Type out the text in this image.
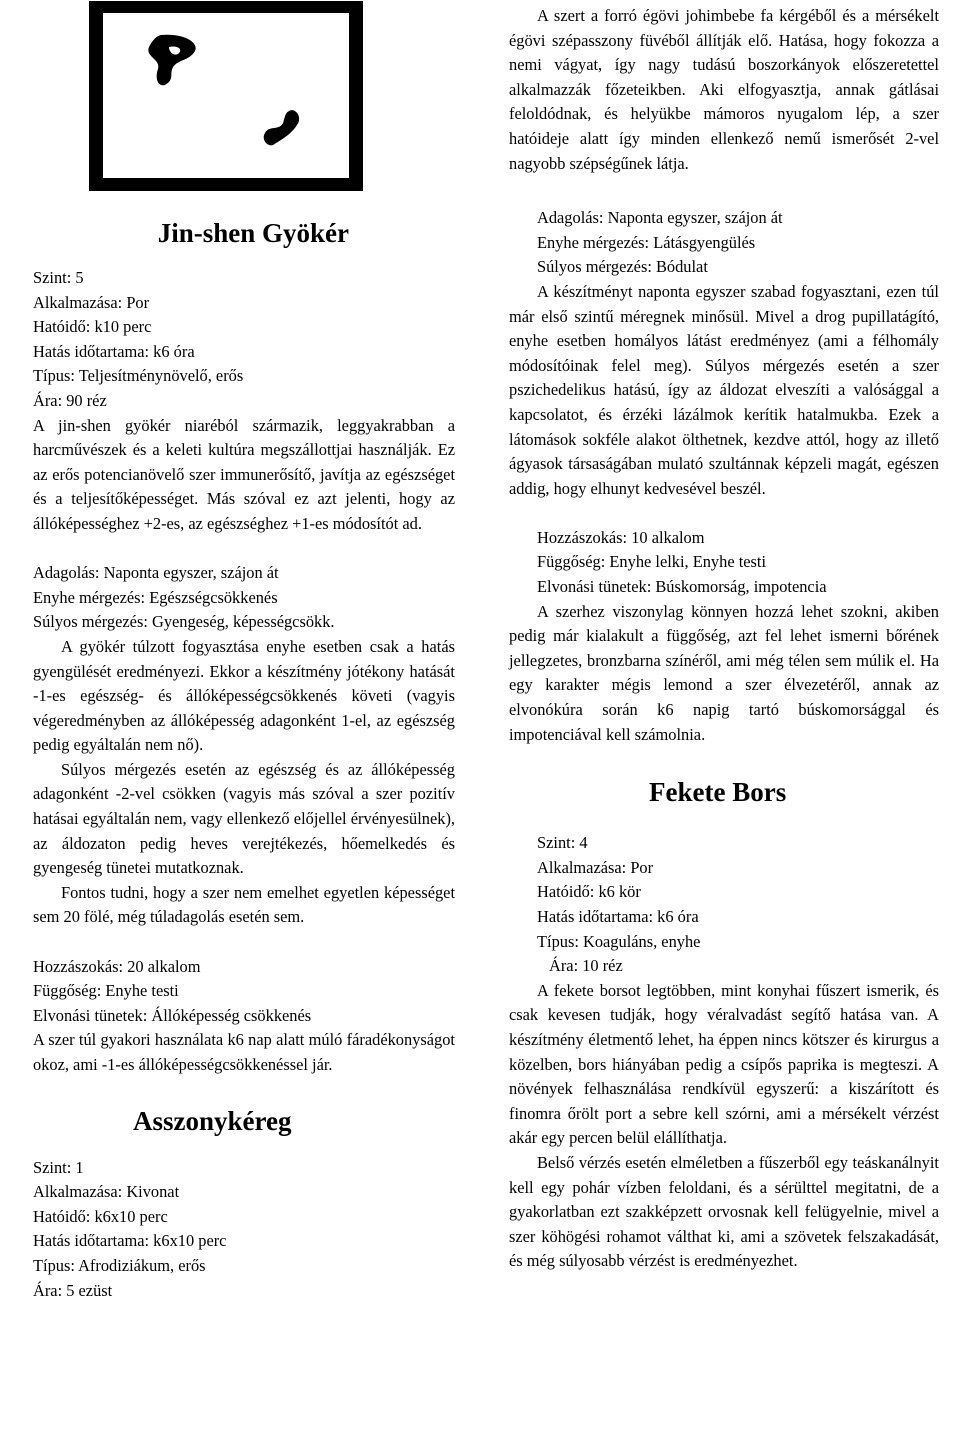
Jin-shen Gyökér

Szint: 5

Alkalmazása: Por

Hatóidő: k10 perc

Hatás időtartama: k6 óra

Típus: Teljesítménynövelő, erős

Ára: 90 réz

A jin-shen gyökér niaréból származik, leggyakrabban a harcművészek és a keleti kultúra megszállottjai használják. Ez az erős potencianövelő szer immunerősítő, javítja az egészséget és a teljesítőképességet. Más szóval ez azt jelenti, hogy az állóképességhez +2-es, az egészséghez +1-es módosítót ad.

Adagolás: Naponta egyszer, szájon át

Enyhe mérgezés: Egészségcsökkenés

Súlyos mérgezés: Gyengeség, képességcsökk.

A gyökér túlzott fogyasztása enyhe esetben csak a hatás gyengülését eredményezi. Ekkor a készítmény jótékony hatását -1-es egészség- és állóképességcsökkenés követi (vagyis végeredményben az állóképesség adagonként 1-el, az egészség pedig egyáltalán nem nő).

Súlyos mérgezés esetén az egészség és az állóképesség adagonként -2-vel csökken (vagyis más szóval a szer pozitív hatásai egyáltalán nem, vagy ellenkező előjellel érvényesülnek), az áldozaton pedig heves verejtékezés, hőemelkedés és gyengeség tünetei mutatkoznak.

Fontos tudni, hogy a szer nem emelhet egyetlen képességet sem 20 fölé, még túladagolás esetén sem.

Hozzászokás: 20 alkalom

Függőség: Enyhe testi

Elvonási tünetek: Állóképesség csökkenés

A szer túl gyakori használata k6 nap alatt múló fáradékonyságot okoz, ami -1-es állóképességcsökkenéssel jár.

Asszonykéreg

Szint: 1

Alkalmazása: Kivonat

Hatóidő: k6x10 perc

Hatás időtartama: k6x10 perc

Típus: Afrodiziákum, erős

Ára: 5 ezüst

A szert a forró égövi johimbebe fa kérgéből és a mérsékelt égövi szépasszony füvéből állítják elő. Hatása, hogy fokozza a nemi vágyat, így nagy tudású boszorkányok előszeretettel alkalmazzák főzeteikben. Aki elfogyasztja, annak gátlásai feloldódnak, és helyükbe mámoros nyugalom lép, a szer hatóideje alatt így minden ellenkező nemű ismerősét 2-vel nagyobb szépségűnek látja.

Adagolás: Naponta egyszer, szájon át

Enyhe mérgezés: Látásgyengülés

Súlyos mérgezés: Bódulat

A készítményt naponta egyszer szabad fogyasztani, ezen túl már első szintű méregnek minősül. Mivel a drog pupillatágító, enyhe esetben homályos látást eredményez (ami a félhomály módosítóinak felel meg). Súlyos mérgezés esetén a szer pszichedelikus hatású, így az áldozat elveszíti a valósággal a kapcsolatot, és érzéki lázálmok kerítik hatalmukba. Ezek a látomások sokféle alakot ölthetnek, kezdve attól, hogy az illető ágyasok társaságában mulató szultánnak képzeli magát, egészen addig, hogy elhunyt kedvesével beszél.

Hozzászokás: 10 alkalom

Függőség: Enyhe lelki, Enyhe testi

Elvonási tünetek: Búskomorság, impotencia

A szerhez viszonylag könnyen hozzá lehet szokni, akiben pedig már kialakult a függőség, azt fel lehet ismerni bőrének jellegzetes, bronzbarna színéről, ami még télen sem múlik el. Ha egy karakter mégis lemond a szer élvezetéről, annak az elvonókúra során k6 napig tartó búskomorsággal és impotenciával kell számolnia.

Fekete Bors

Szint: 4

Alkalmazása: Por

Hatóidő: k6 kör

Hatás időtartama: k6 óra

Típus: Koaguláns, enyhe

Ára: 10 réz

A fekete borsot legtöbben, mint konyhai fűszert ismerik, és csak kevesen tudják, hogy véralvadást segítő hatása van. A készítmény életmentő lehet, ha éppen nincs kötszer és kirurgus a közelben, bors hiányában pedig a csípős paprika is megteszi. A növények felhasználása rendkívül egyszerű: a kiszárított és finomra őrölt port a sebre kell szórni, ami a mérsékelt vérzést akár egy percen belül elállíthatja.

Belső vérzés esetén elméletben a fűszerből egy teáskanálnyit kell egy pohár vízben feloldani, és a sérülttel megitatni, de a gyakorlatban ezt szakképzett orvosnak kell felügyelnie, mivel a szer köhögési rohamot válthat ki, ami a szövetek felszakadását, és még súlyosabb vérzést is eredményezhet.
